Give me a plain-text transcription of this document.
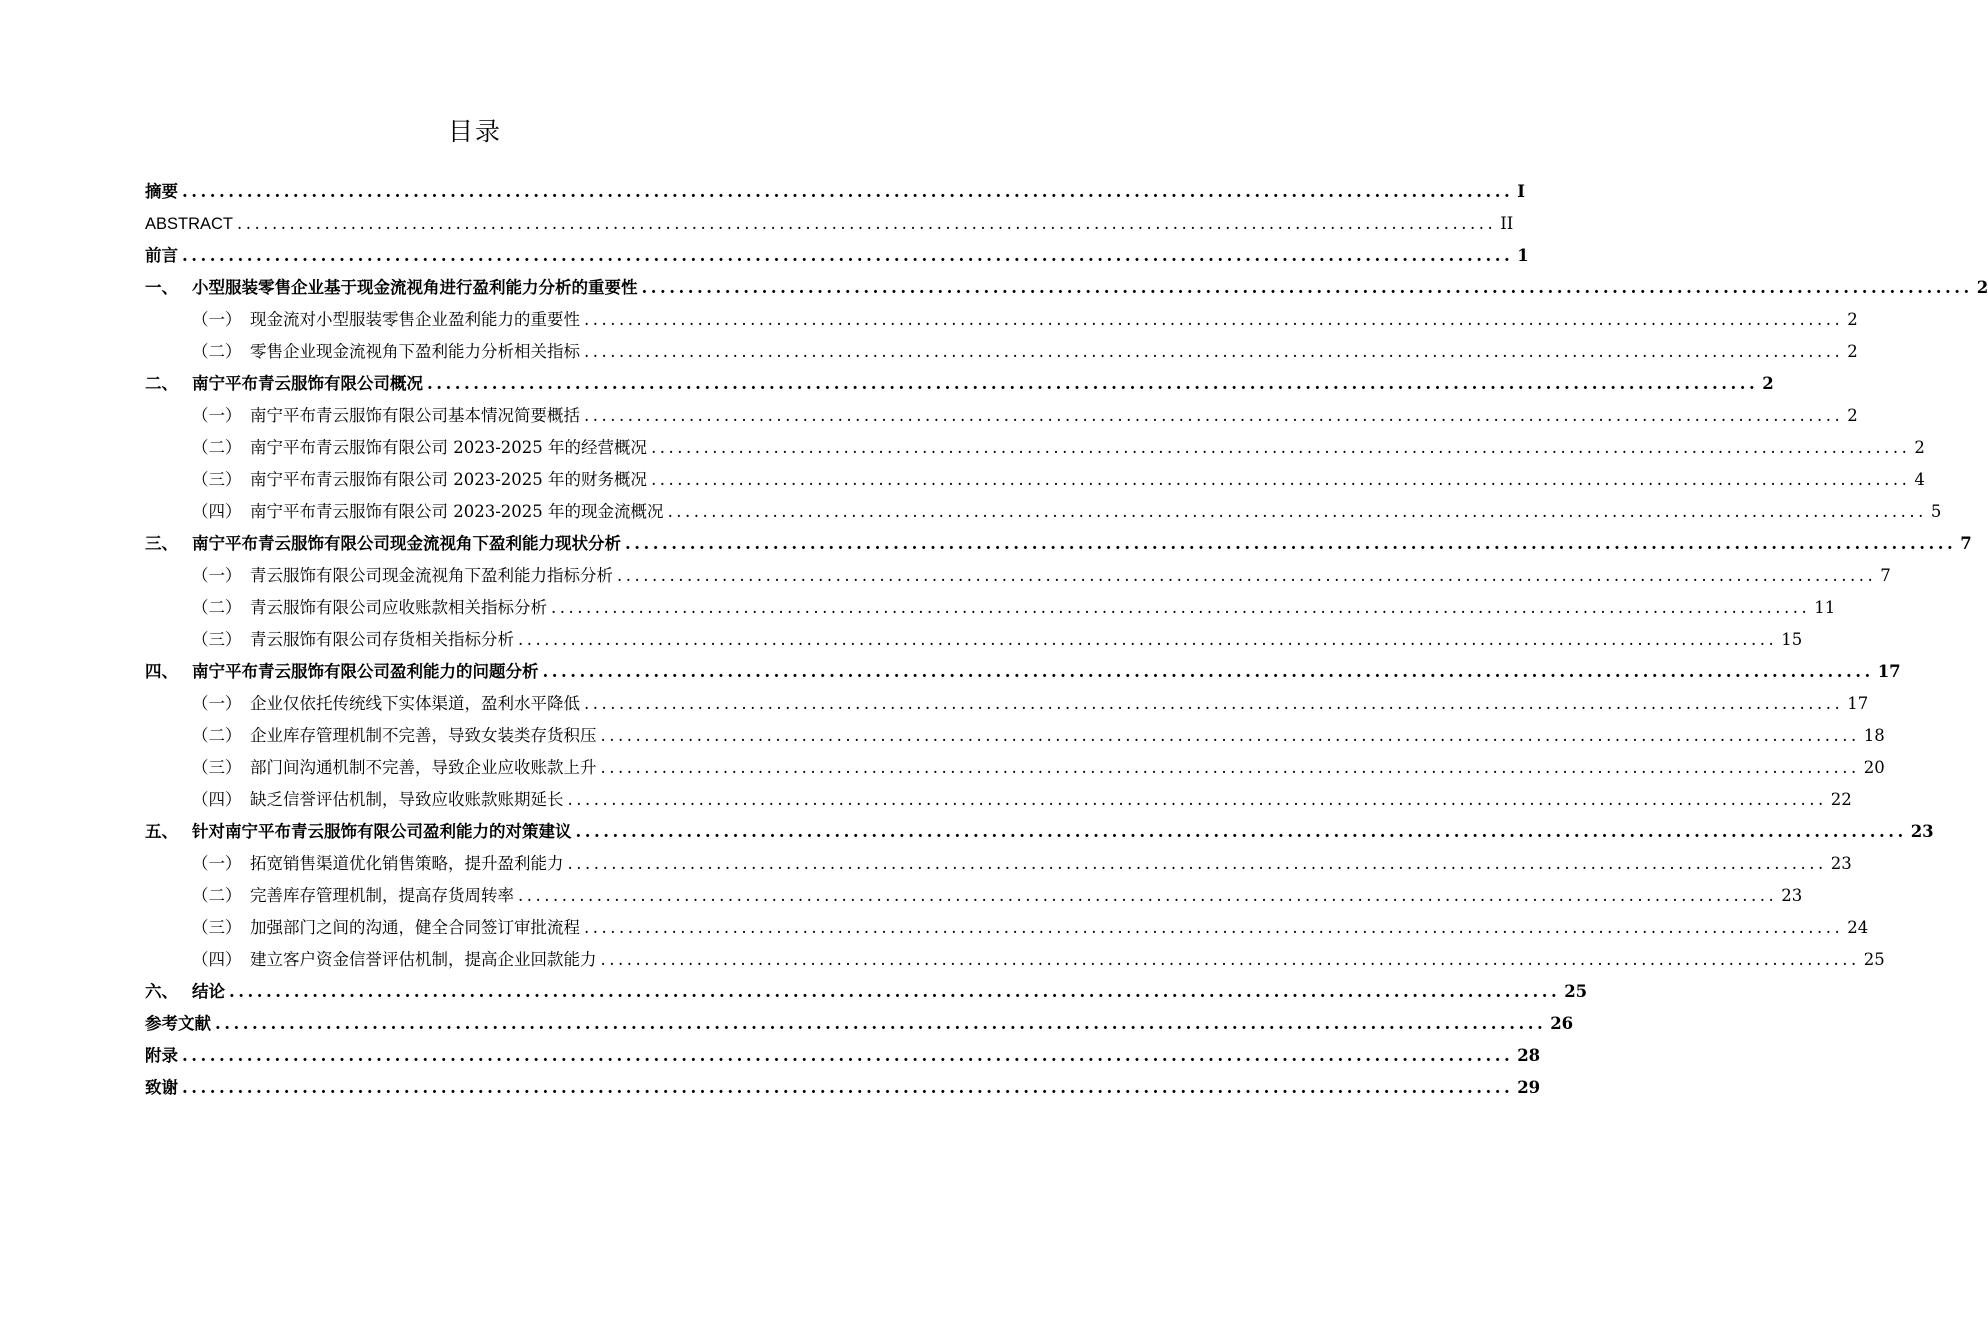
目录
摘要 ................................................................................................................................................ I
ABSTRACT ................................................................................................................................................ II
前言 ................................................................................................................................................ 1
一、 小型服装零售企业基于现金流视角进行盈利能力分析的重要性 ................................................................................................................................................ 2
（一） 现金流对小型服装零售企业盈利能力的重要性 ................................................................................................................................................ 2
（二） 零售企业现金流视角下盈利能力分析相关指标 ................................................................................................................................................ 2
二、 南宁平布青云服饰有限公司概况 ................................................................................................................................................ 2
（一） 南宁平布青云服饰有限公司基本情况简要概括 ................................................................................................................................................ 2
（二） 南宁平布青云服饰有限公司 2023-2025 年的经营概况 ................................................................................................................................................ 2
（三） 南宁平布青云服饰有限公司 2023-2025 年的财务概况 ................................................................................................................................................ 4
（四） 南宁平布青云服饰有限公司 2023-2025 年的现金流概况 ................................................................................................................................................ 5
三、 南宁平布青云服饰有限公司现金流视角下盈利能力现状分析 ................................................................................................................................................ 7
（一） 青云服饰有限公司现金流视角下盈利能力指标分析 ................................................................................................................................................ 7
（二） 青云服饰有限公司应收账款相关指标分析 ................................................................................................................................................ 11
（三） 青云服饰有限公司存货相关指标分析 ................................................................................................................................................ 15
四、 南宁平布青云服饰有限公司盈利能力的问题分析 ................................................................................................................................................ 17
（一） 企业仅依托传统线下实体渠道，盈利水平降低 ................................................................................................................................................ 17
（二） 企业库存管理机制不完善，导致女装类存货积压 ................................................................................................................................................ 18
（三） 部门间沟通机制不完善，导致企业应收账款上升 ................................................................................................................................................ 20
（四） 缺乏信誉评估机制，导致应收账款账期延长 ................................................................................................................................................ 22
五、 针对南宁平布青云服饰有限公司盈利能力的对策建议 ................................................................................................................................................ 23
（一） 拓宽销售渠道优化销售策略，提升盈利能力 ................................................................................................................................................ 23
（二） 完善库存管理机制，提高存货周转率 ................................................................................................................................................ 23
（三） 加强部门之间的沟通，健全合同签订审批流程 ................................................................................................................................................ 24
（四） 建立客户资金信誉评估机制，提高企业回款能力 ................................................................................................................................................ 25
六、 结论 ................................................................................................................................................ 25
参考文献 ................................................................................................................................................ 26
附录 ................................................................................................................................................ 28
致谢 ................................................................................................................................................ 29
